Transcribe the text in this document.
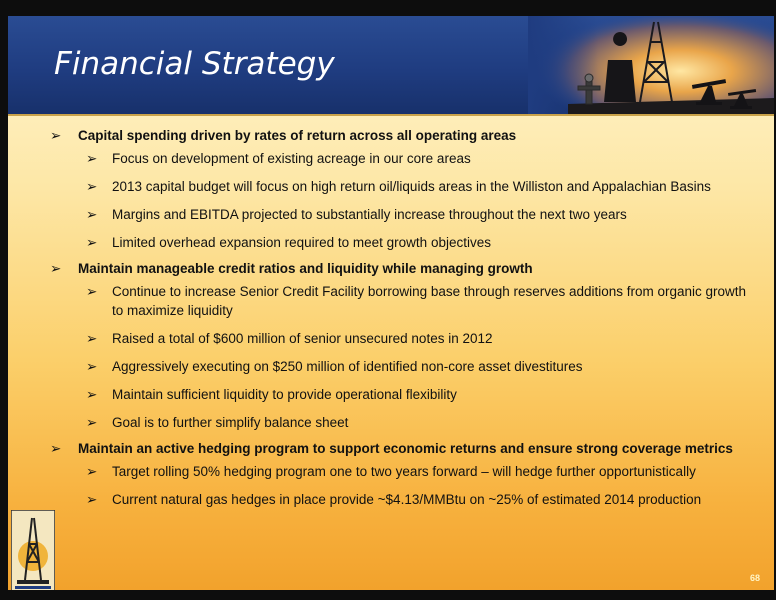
Financial Strategy
➢ Capital spending driven by rates of return across all operating areas
➢ Focus on development of existing acreage in our core areas
➢ 2013 capital budget will focus on high return oil/liquids areas in the Williston and Appalachian Basins
➢ Margins and EBITDA projected to substantially increase throughout the next two years
➢ Limited overhead expansion required to meet growth objectives
➢ Maintain manageable credit ratios and liquidity while managing growth
➢ Continue to increase Senior Credit Facility borrowing base through reserves additions from organic growth to maximize liquidity
➢ Raised a total of $600 million of senior unsecured notes in 2012
➢ Aggressively executing on $250 million of identified non-core asset divestitures
➢ Maintain sufficient liquidity to provide operational flexibility
➢ Goal is to further simplify balance sheet
➢ Maintain an active hedging program to support economic returns and ensure strong coverage metrics
➢ Target rolling 50% hedging program one to two years forward – will hedge further opportunistically
➢ Current natural gas hedges in place provide ~$4.13/MMBtu on ~25% of estimated 2014 production
68
